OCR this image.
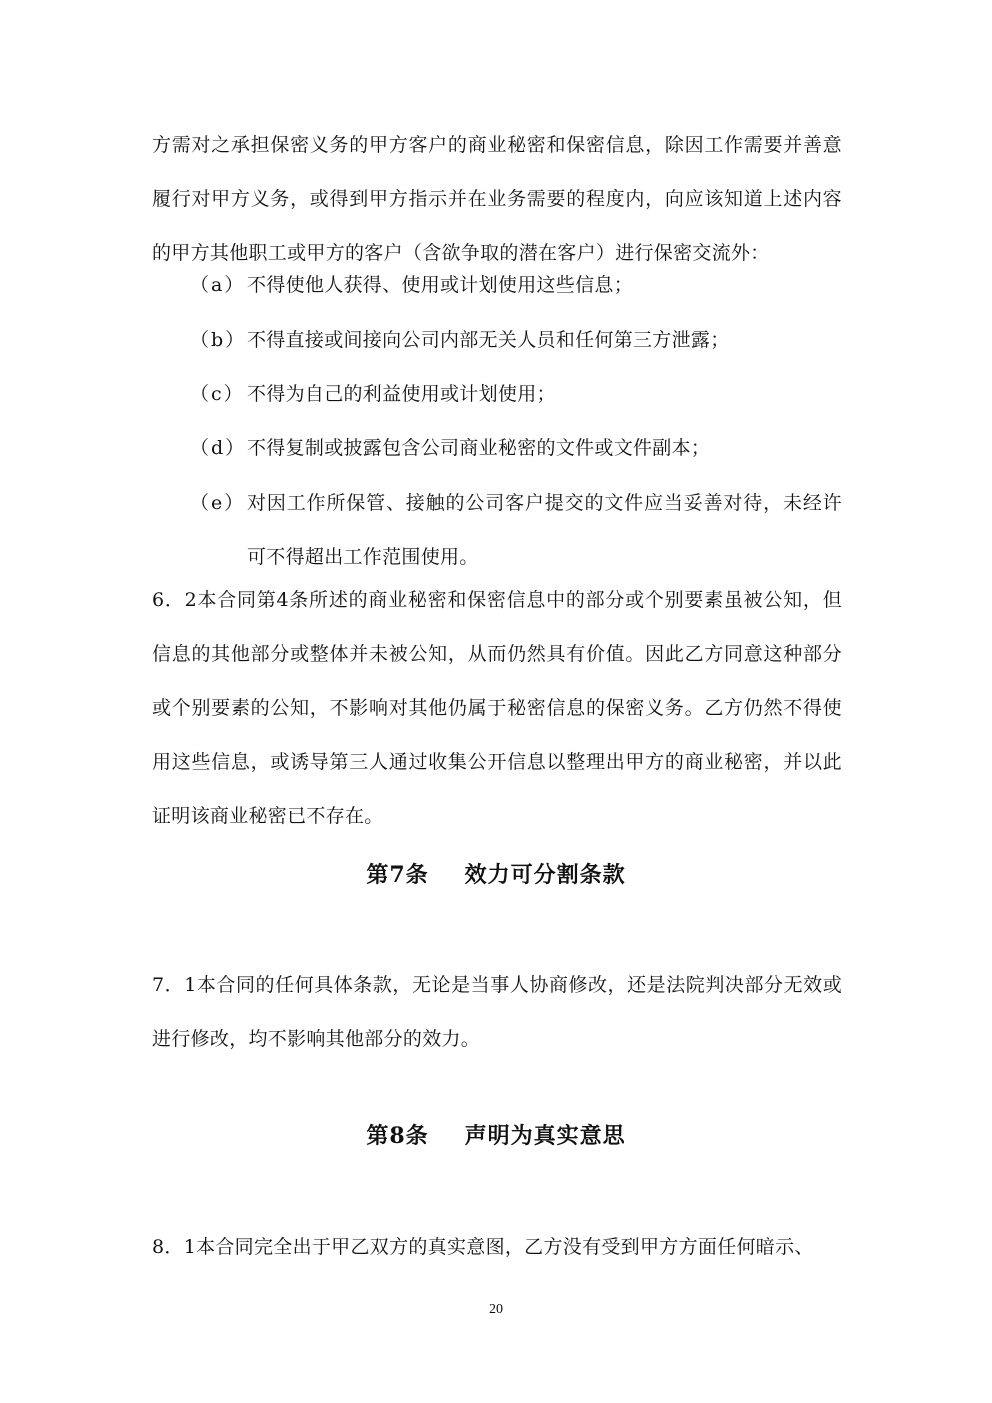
方需对之承担保密义务的甲方客户的商业秘密和保密信息，除因工作需要并善意履行对甲方义务，或得到甲方指示并在业务需要的程度内，向应该知道上述内容的甲方其他职工或甲方的客户（含欲争取的潜在客户）进行保密交流外：

（a） 不得使他人获得、使用或计划使用这些信息；
（b） 不得直接或间接向公司内部无关人员和任何第三方泄露；
（c） 不得为自己的利益使用或计划使用；
（d） 不得复制或披露包含公司商业秘密的文件或文件副本；
（e） 对因工作所保管、接触的公司客户提交的文件应当妥善对待，未经许可不得超出工作范围使用。

6．2本合同第4条所述的商业秘密和保密信息中的部分或个别要素虽被公知，但信息的其他部分或整体并未被公知，从而仍然具有价值。因此乙方同意这种部分或个别要素的公知，不影响对其他仍属于秘密信息的保密义务。乙方仍然不得使用这些信息，或诱导第三人通过收集公开信息以整理出甲方的商业秘密，并以此证明该商业秘密已不存在。

第7条 效力可分割条款

7．1本合同的任何具体条款，无论是当事人协商修改，还是法院判决部分无效或进行修改，均不影响其他部分的效力。

第8条 声明为真实意思

8．1本合同完全出于甲乙双方的真实意图，乙方没有受到甲方方面任何暗示、

20
